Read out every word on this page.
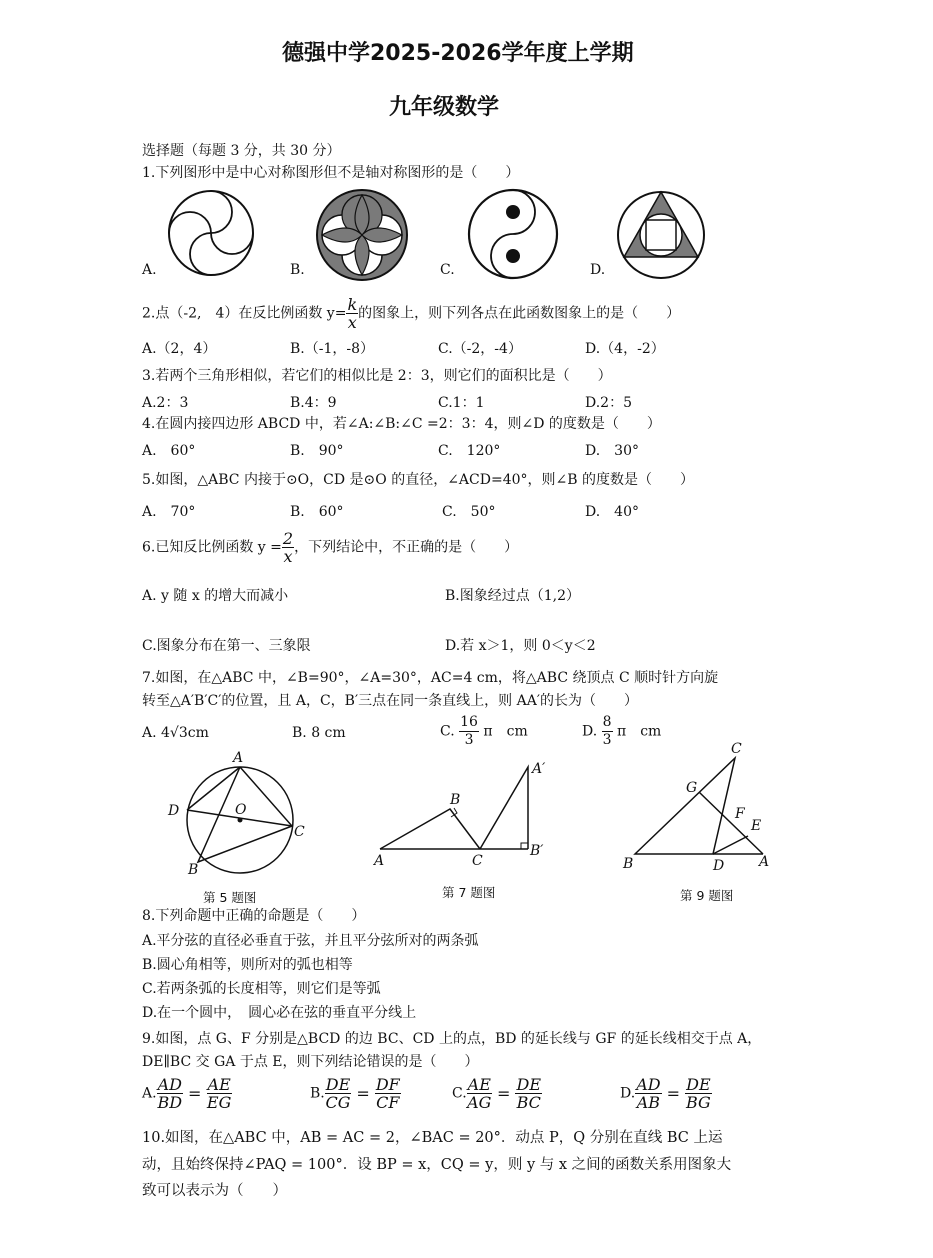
德强中学2025-2026学年度上学期
九年级数学
选择题（每题 3 分，共 30 分）
1.下列图形中是中心对称图形但不是轴对称图形的是（　　）
A.	B.	C.	D.
2.点（-2,　4）在反比例函数 $y= \frac{k}{x}$ 的图象上，则下列各点在此函数图象上的是（　　）
A.（2，4）	B.（-1，-8）	C.（-2，-4）	D.（4，-2）
3.若两个三角形相似，若它们的相似比是 2：3，则它们的面积比是（　　）
A.2：3	B.4：9	C.1：1	D.2：5
4.在圆内接四边形 ABCD 中，若∠A:∠B:∠C =2：3：4，则∠D 的度数是（　　）
A.　60°	B.　90°	C.　120°	D.　30°
5.如图，△ABC 内接于⊙O，CD 是⊙O 的直径，∠ACD=40°，则∠B 的度数是（　　）
A.　70°	B.　60°	C.　50°	D.　40°
6.已知反比例函数 $y = \frac{2}{x}$ ，下列结论中，不正确的是（　　）
A. y 随 x 的增大而减小	B.图象经过点（1,2）
C.图象分布在第一、三象限	D.若 x＞1，则 0＜y＜2
7.如图，在△ABC 中，∠B=90°，∠A=30°，AC=4 cm，将△ABC 绕顶点 C 顺时针方向旋
转至△A′B′C′的位置，且 A，C，B′三点在同一条直线上，则 AA′的长为（　　）
A. 4√3cm	B. 8 cm	C. $\frac{16}{3}$ π　cm	D. $\frac{8}{3}$ π　cm
A
D	O
C
B
第 5 题图
A
B
C
A′
B′
第 7 题图
C
G
F
E
B	D A
第 9 题图
8.下列命题中正确的命题是（　　）
A.平分弦的直径必垂直于弦，并且平分弦所对的两条弧
B.圆心角相等，则所对的弧也相等
C.若两条弧的长度相等，则它们是等弧
D.在一个圆中，　圆心必在弦的垂直平分线上
9.如图，点 G、F 分别是△BCD 的边 BC、CD 上的点，BD 的延长线与 GF 的延长线相交于点 A，
DE∥BC 交 GA 于点 E，则下列结论错误的是（　　）
A. $\frac{AD}{BD} = \frac{AE}{EG}$	B. $\frac{DE}{CG} = \frac{DF}{CF}$	C. $\frac{AE}{AG} = \frac{DE}{BC}$	D. $\frac{AD}{AB} = \frac{DE}{BG}$
10.如图，在△ABC 中，AB = AC = 2，∠BAC = 20°．动点 P，Q 分别在直线 BC 上运
动，且始终保持∠PAQ = 100°．设 BP = x，CQ = y，则 y 与 x 之间的函数关系用图象大
致可以表示为（　　）
